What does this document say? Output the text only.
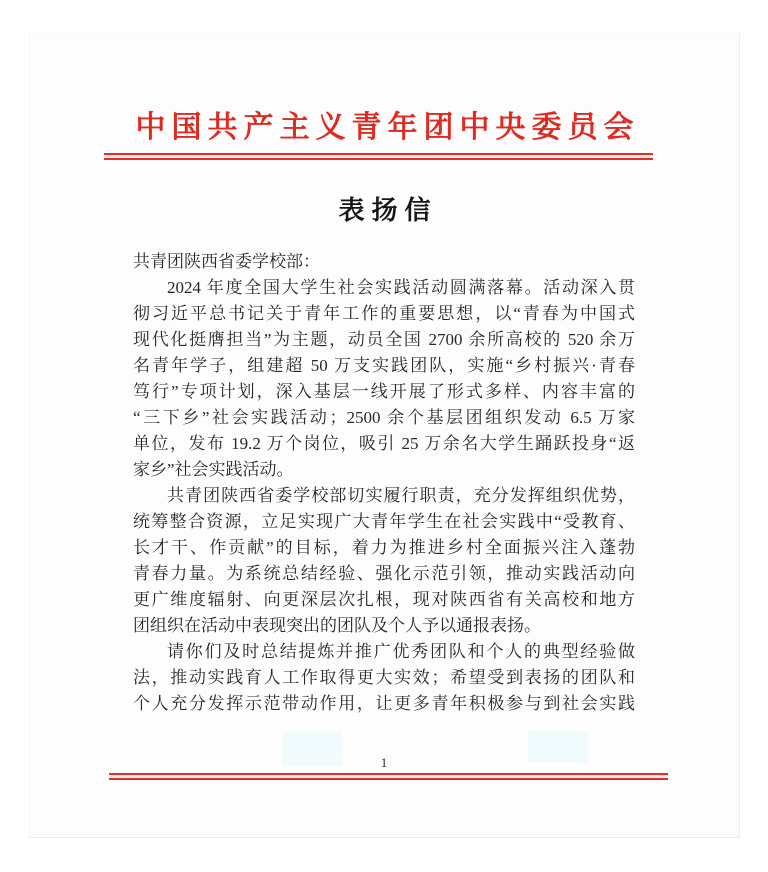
中国共产主义青年团中央委员会
表扬信
共青团陕西省委学校部：
2024 年度全国大学生社会实践活动圆满落幕。活动深入贯
彻习近平总书记关于青年工作的重要思想，以“青春为中国式
现代化挺膺担当”为主题，动员全国 2700 余所高校的 520 余万
名青年学子，组建超 50 万支实践团队，实施“乡村振兴·青春
笃行”专项计划，深入基层一线开展了形式多样、内容丰富的
“三下乡”社会实践活动；2500 余个基层团组织发动 6.5 万家
单位，发布 19.2 万个岗位，吸引 25 万余名大学生踊跃投身“返
家乡”社会实践活动。
共青团陕西省委学校部切实履行职责，充分发挥组织优势，
统筹整合资源，立足实现广大青年学生在社会实践中“受教育、
长才干、作贡献”的目标，着力为推进乡村全面振兴注入蓬勃
青春力量。为系统总结经验、强化示范引领，推动实践活动向
更广维度辐射、向更深层次扎根，现对陕西省有关高校和地方
团组织在活动中表现突出的团队及个人予以通报表扬。
请你们及时总结提炼并推广优秀团队和个人的典型经验做
法，推动实践育人工作取得更大实效；希望受到表扬的团队和
个人充分发挥示范带动作用，让更多青年积极参与到社会实践
1
